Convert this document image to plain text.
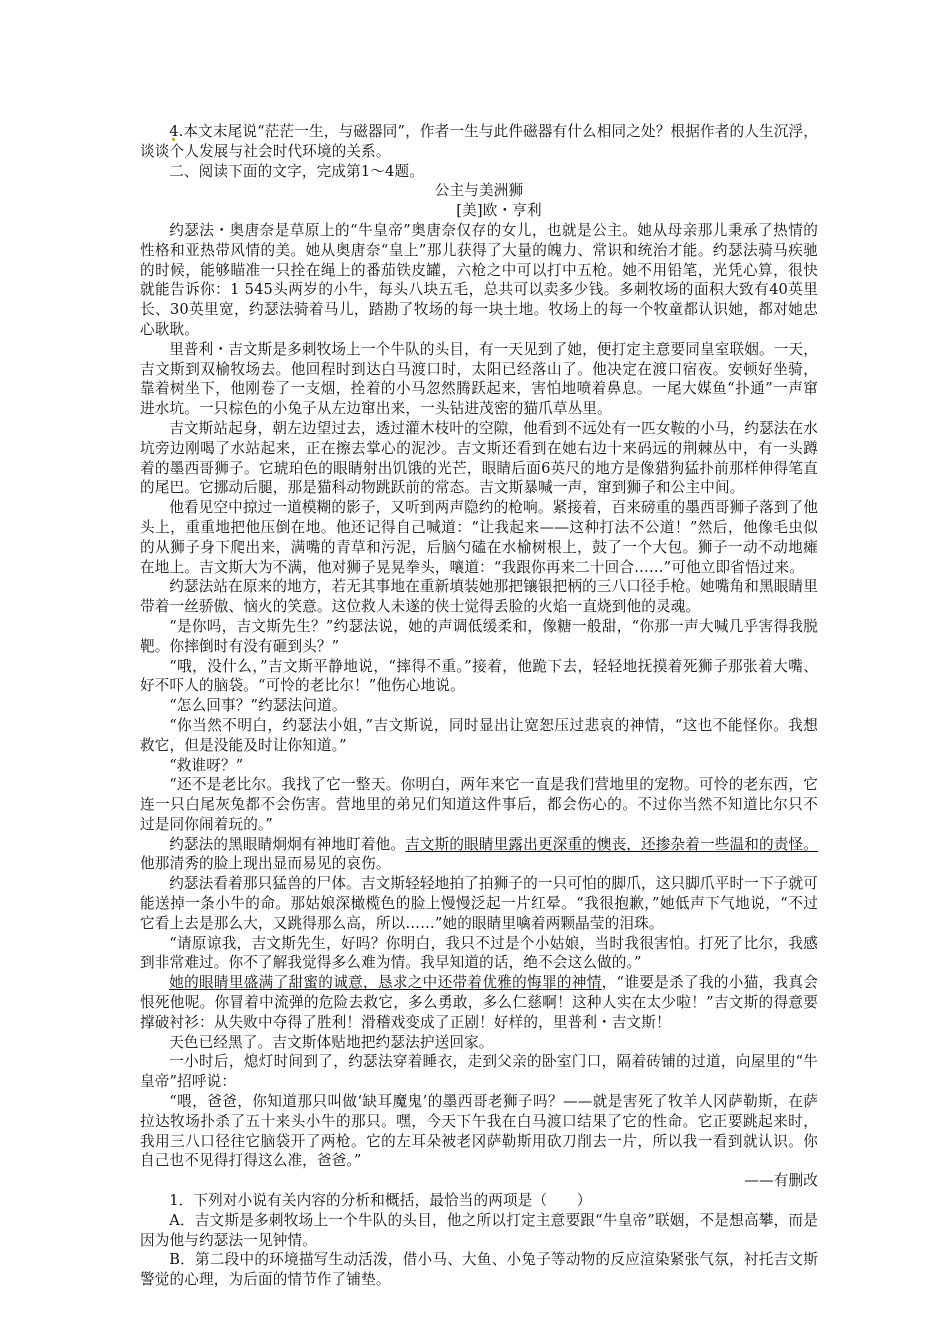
4.本文末尾说“茫茫一生，与磁器同”，作者一生与此件磁器有什么相同之处？根据作者的人生沉浮，谈谈个人发展与社会时代环境的关系。

二、阅读下面的文字，完成第1～4题。

公主与美洲狮

[美]欧・亨利

约瑟法・奥唐奈是草原上的“牛皇帝”奥唐奈仅存的女儿，也就是公主。她从母亲那儿秉承了热情的性格和亚热带风情的美。她从奥唐奈“皇上”那儿获得了大量的魄力、常识和统治才能。约瑟法骑马疾驰的时候，能够瞄准一只拴在绳上的番茄铁皮罐，六枪之中可以打中五枪。她不用铅笔，光凭心算，很快就能告诉你：1 545头两岁的小牛，每头八块五毛，总共可以卖多少钱。多刺牧场的面积大致有40英里长、30英里宽，约瑟法骑着马儿，踏勘了牧场的每一块土地。牧场上的每一个牧童都认识她，都对她忠心耿耿。

里普利・吉文斯是多刺牧场上一个牛队的头目，有一天见到了她，便打定主意要同皇室联姻。一天，吉文斯到双榆牧场去。他回程时到达白马渡口时，太阳已经落山了。他决定在渡口宿夜。安顿好坐骑，靠着树坐下，他刚卷了一支烟，拴着的小马忽然腾跃起来，害怕地喷着鼻息。一尾大媒鱼“扑通”一声窜进水坑。一只棕色的小兔子从左边窜出来，一头钻进茂密的猫爪草丛里。

吉文斯站起身，朝左边望过去，透过灌木枝叶的空隙，他看到不远处有一匹女鞍的小马，约瑟法在水坑旁边刚喝了水站起来，正在擦去掌心的泥沙。吉文斯还看到在她右边十来码远的荆棘丛中，有一头蹲着的墨西哥狮子。它琥珀色的眼睛射出饥饿的光芒，眼睛后面6英尺的地方是像猎狗猛扑前那样伸得笔直的尾巴。它挪动后腿，那是猫科动物跳跃前的常态。吉文斯暴喊一声，窜到狮子和公主中间。

他看见空中掠过一道模糊的影子，又听到两声隐约的枪响。紧接着，百来磅重的墨西哥狮子落到了他头上，重重地把他压倒在地。他还记得自己喊道：“让我起来——这种打法不公道！”然后，他像毛虫似的从狮子身下爬出来，满嘴的青草和污泥，后脑勺磕在水榆树根上，鼓了一个大包。狮子一动不动地瘫在地上。吉文斯大为不满，他对狮子晃晃拳头，嚷道：“我跟你再来二十回合……”可他立即省悟过来。

约瑟法站在原来的地方，若无其事地在重新填装她那把镶银把柄的三八口径手枪。她嘴角和黑眼睛里带着一丝骄傲、恼火的笑意。这位救人未遂的侠士觉得丢脸的火焰一直烧到他的灵魂。

“是你吗，吉文斯先生？”约瑟法说，她的声调低缓柔和，像糖一般甜，“你那一声大喊几乎害得我脱靶。你摔倒时有没有砸到头？”

“哦，没什么，”吉文斯平静地说，“摔得不重。”接着，他跪下去，轻轻地抚摸着死狮子那张着大嘴、好不吓人的脑袋。“可怜的老比尔！”他伤心地说。

“怎么回事？”约瑟法问道。

“你当然不明白，约瑟法小姐，”吉文斯说，同时显出让宽恕压过悲哀的神情，“这也不能怪你。我想救它，但是没能及时让你知道。”

“救谁呀？”

“还不是老比尔。我找了它一整天。你明白，两年来它一直是我们营地里的宠物。可怜的老东西，它连一只白尾灰兔都不会伤害。营地里的弟兄们知道这件事后，都会伤心的。不过你当然不知道比尔只不过是同你闹着玩的。”

约瑟法的黑眼睛炯炯有神地盯着他。吉文斯的眼睛里露出更深重的懊丧，还掺杂着一些温和的责怪。他那清秀的脸上现出显而易见的哀伤。

约瑟法看着那只猛兽的尸体。吉文斯轻轻地拍了拍狮子的一只可怕的脚爪，这只脚爪平时一下子就可能送掉一条小牛的命。那姑娘深橄榄色的脸上慢慢泛起一片红晕。“我很抱歉，”她低声下气地说，“不过它看上去是那么大，又跳得那么高，所以……”她的眼睛里噙着两颗晶莹的泪珠。

“请原谅我，吉文斯先生，好吗？你明白，我只不过是个小姑娘，当时我很害怕。打死了比尔，我感到非常难过。你不了解我觉得多么难为情。我早知道的话，绝不会这么做的。”

她的眼睛里盛满了甜蜜的诚意，恳求之中还带着优雅的悔罪的神情，“谁要是杀了我的小猫，我真会恨死他呢。你冒着中流弹的危险去救它，多么勇敢，多么仁慈啊！这种人实在太少啦！”吉文斯的得意要撑破衬衫：从失败中夺得了胜利！滑稽戏变成了正剧！好样的，里普利・吉文斯！

天色已经黑了。吉文斯体贴地把约瑟法护送回家。

一小时后，熄灯时间到了，约瑟法穿着睡衣，走到父亲的卧室门口，隔着砖铺的过道，向屋里的“牛皇帝”招呼说：

“喂，爸爸，你知道那只叫做‘缺耳魔鬼’的墨西哥老狮子吗？——就是害死了牧羊人冈萨勒斯，在萨拉达牧场扑杀了五十来头小牛的那只。嘿，今天下午我在白马渡口结果了它的性命。它正要跳起来时，我用三八口径往它脑袋开了两枪。它的左耳朵被老冈萨勒斯用砍刀削去一片，所以我一看到就认识。你自己也不见得打得这么准，爸爸。”

——有删改

1．下列对小说有关内容的分析和概括，最恰当的两项是（　　）

A．吉文斯是多刺牧场上一个牛队的头目，他之所以打定主意要跟“牛皇帝”联姻，不是想高攀，而是因为他与约瑟法一见钟情。

B．第二段中的环境描写生动活泼，借小马、大鱼、小兔子等动物的反应渲染紧张气氛，衬托吉文斯警觉的心理，为后面的情节作了铺垫。
